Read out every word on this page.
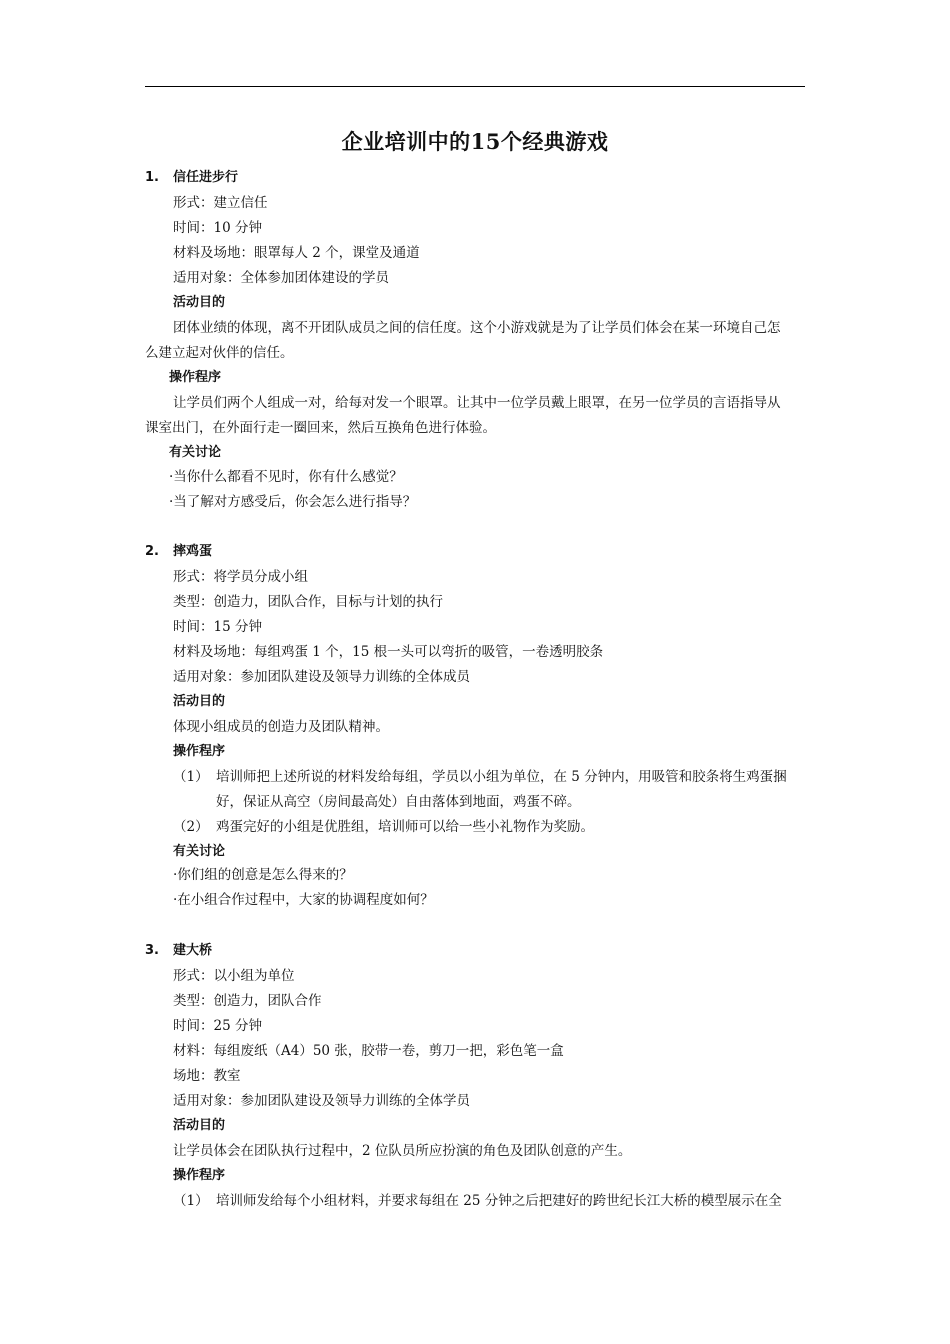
企业培训中的15个经典游戏
1. 信任进步行
形式：建立信任
时间：10 分钟
材料及场地：眼罩每人 2 个，课堂及通道
适用对象：全体参加团体建设的学员
活动目的
团体业绩的体现，离不开团队成员之间的信任度。这个小游戏就是为了让学员们体会在某一环境自己怎
么建立起对伙伴的信任。
操作程序
让学员们两个人组成一对，给每对发一个眼罩。让其中一位学员戴上眼罩，在另一位学员的言语指导从
课室出门，在外面行走一圈回来，然后互换角色进行体验。
有关讨论
·当你什么都看不见时，你有什么感觉？
·当了解对方感受后，你会怎么进行指导？
2. 摔鸡蛋
形式：将学员分成小组
类型：创造力，团队合作，目标与计划的执行
时间：15 分钟
材料及场地：每组鸡蛋 1 个，15 根一头可以弯折的吸管，一卷透明胶条
适用对象：参加团队建设及领导力训练的全体成员
活动目的
体现小组成员的创造力及团队精神。
操作程序
（1） 培训师把上述所说的材料发给每组，学员以小组为单位，在 5 分钟内，用吸管和胶条将生鸡蛋捆
好，保证从高空（房间最高处）自由落体到地面，鸡蛋不碎。
（2） 鸡蛋完好的小组是优胜组，培训师可以给一些小礼物作为奖励。
有关讨论
·你们组的创意是怎么得来的？
·在小组合作过程中，大家的协调程度如何？
3. 建大桥
形式：以小组为单位
类型：创造力，团队合作
时间：25 分钟
材料：每组废纸（A4）50 张，胶带一卷，剪刀一把，彩色笔一盒
场地：教室
适用对象：参加团队建设及领导力训练的全体学员
活动目的
让学员体会在团队执行过程中，2 位队员所应扮演的角色及团队创意的产生。
操作程序
（1） 培训师发给每个小组材料，并要求每组在 25 分钟之后把建好的跨世纪长江大桥的模型展示在全
